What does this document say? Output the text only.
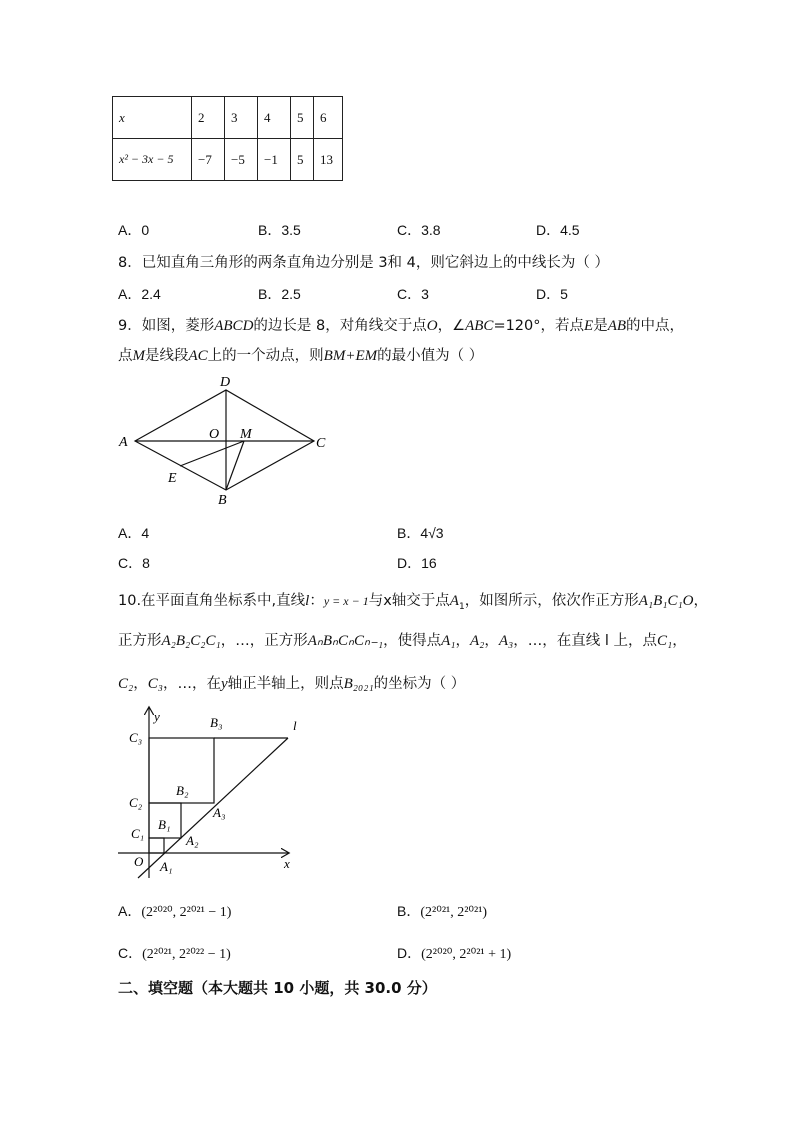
x	2	3	4	5	6
x² − 3x − 5	−7	−5	−1	5	13
A．0	B．3.5	C．3.8	D．4.5
8．已知直角三角形的两条直角边分别是 3和 4，则它斜边上的中线长为（ ）
A．2.4	B．2.5	C．3	D．5
9．如图，菱形ABCD的边长是 8，对角线交于点O，∠ABC=120°，若点E是AB的中点，
点M是线段AC上的一个动点，则BM+EM的最小值为（ ）
D
A	C
O M
E
B
A．4	B．4√3
C．8	D．16
10.在平面直角坐标系中,直线l：y = x − 1与x轴交于点$A_1$，如图所示，依次作正方形A₁B₁C₁O，
正方形A₂B₂C₂C₁，…，正方形AₙBₙCₙCₙ₋₁，使得点A₁，A₂，A₃，…，在直线 l 上，点C₁，
C₂，C₃，…，在y轴正半轴上，则点B₂₀₂₁的坐标为（ ）
y
x
l
O
C₃
C₂
C₁
B₃
B₂
B₁
A₁
A₂
A₃
A．(2²⁰²⁰, 2²⁰²¹ − 1)	B．(2²⁰²¹, 2²⁰²¹)
C．(2²⁰²¹, 2²⁰²² − 1)	D．(2²⁰²⁰, 2²⁰²¹ + 1)
二、填空题（本大题共 10 小题，共 30.0 分）
